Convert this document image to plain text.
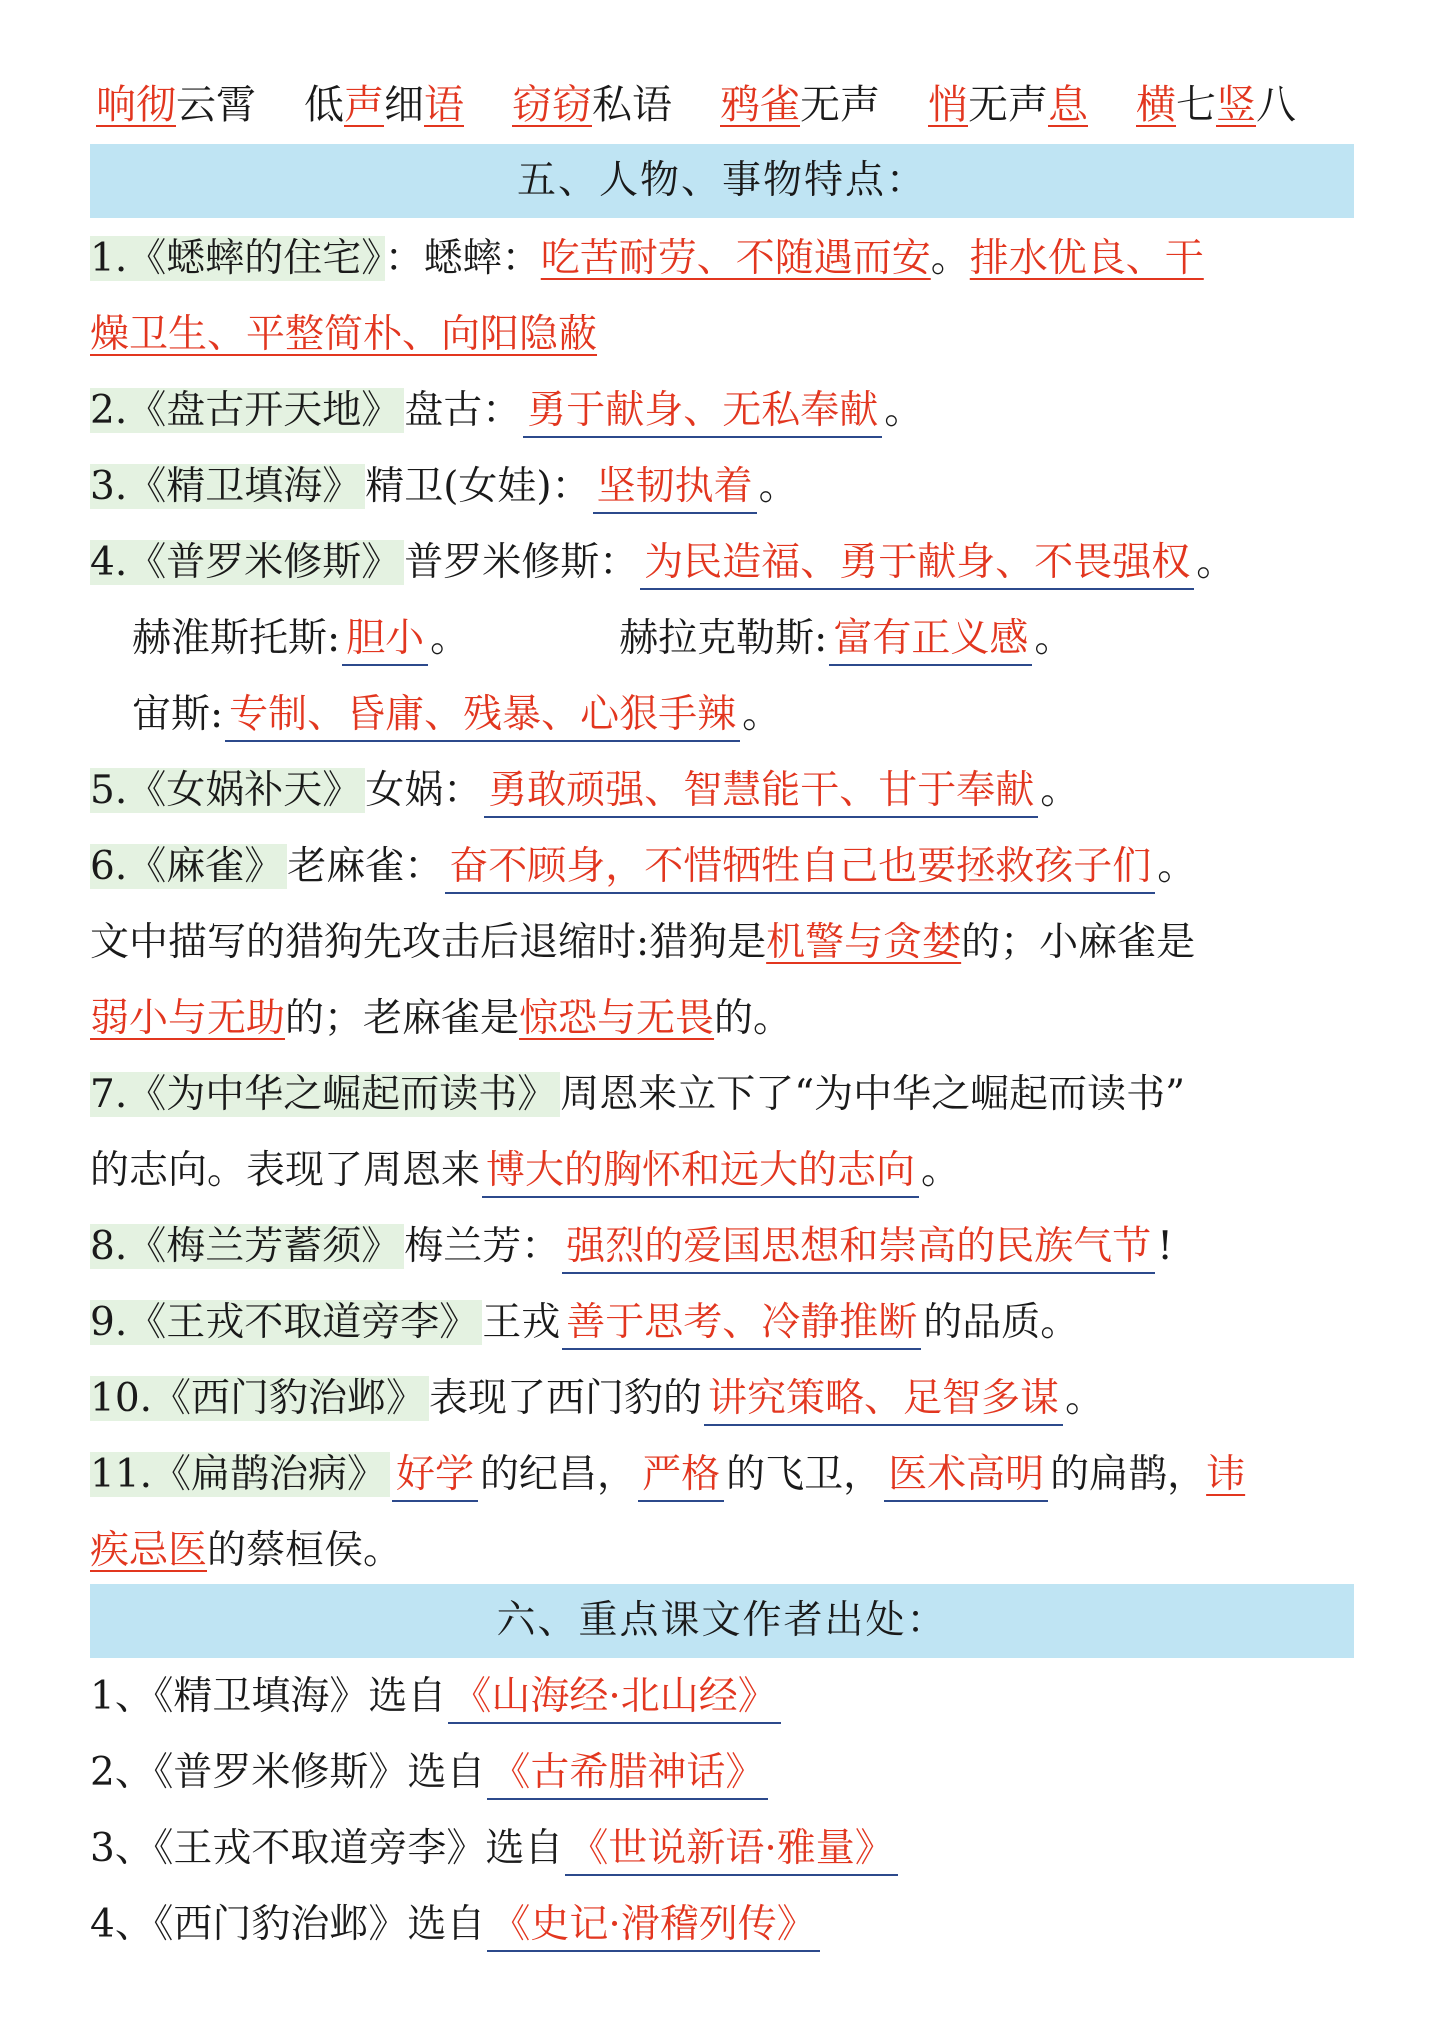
响彻云霄 低声细语 窃窃私语 鸦雀无声 悄无声息 横七竖八
五、人物、事物特点：
1.《蟋蟀的住宅》 ：蟋蟀：吃苦耐劳、不随遇而安。排水优良、干
燥卫生、平整简朴、向阳隐蔽
2.《盘古开天地》 盘古： 勇于献身、无私奉献 。
3.《精卫填海》 精卫(女娃)： 坚韧执着 。
4.《普罗米修斯》 普罗米修斯： 为民造福、勇于献身、不畏强权 。
赫淮斯托斯: 胆小 。	赫拉克勒斯: 富有正义感 。
宙斯: 专制、昏庸、残暴、心狠手辣 。
5.《女娲补天》 女娲： 勇敢顽强、智慧能干、甘于奉献 。
6.《麻雀》 老麻雀： 奋不顾身，不惜牺牲自己也要拯救孩子们 。
文中描写的猎狗先攻击后退缩时:猎狗是机警与贪婪的；小麻雀是
弱小与无助的；老麻雀是惊恐与无畏的。
7.《为中华之崛起而读书》 周恩来立下了“为中华之崛起而读书”
的志向。表现了周恩来 博大的胸怀和远大的志向 。
8.《梅兰芳蓄须》 梅兰芳： 强烈的爱国思想和崇高的民族气节 !
9.《王戎不取道旁李》 王戎 善于思考、冷静推断 的品质。
10.《西门豹治邺》 表现了西门豹的 讲究策略、足智多谋 。
11.《扁鹊治病》 好学 的纪昌， 严格 的飞卫， 医术高明 的扁鹊，讳
疾忌医的蔡桓侯。
六、重点课文作者出处：
1、《精卫填海》选自 《山海经·北山经》
2、《普罗米修斯》选自 《古希腊神话》
3、《王戎不取道旁李》选自 《世说新语·雅量》
4、《西门豹治邺》选自 《史记·滑稽列传》
